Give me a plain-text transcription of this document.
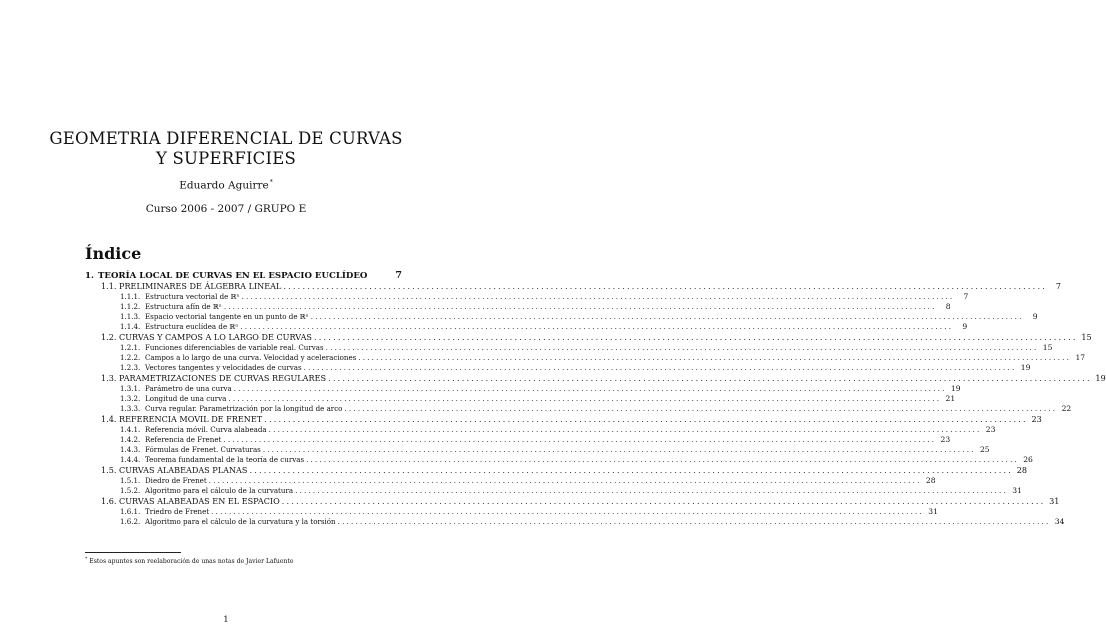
GEOMETRIA DIFERENCIAL DE CURVAS
Y SUPERFICIES
Eduardo Aguirre*
Curso 2006 - 2007 / GRUPO E
Índice
1. TEORÍA LOCAL DE CURVAS EN EL ESPACIO EUCLÍDEO	7
1.1. PRELIMINARES DE ÁLGEBRA LINEAL ................................................................................................................................................................	7
1.1.1. Estructura vectorial de ℝⁿ ................................................................................................................................................................	7
1.1.2. Estructura afín de ℝⁿ ................................................................................................................................................................	8
1.1.3. Espacio vectorial tangente en un punto de ℝⁿ ................................................................................................................................................................	9
1.1.4. Estructura euclídea de ℝⁿ ................................................................................................................................................................	9
1.2. CURVAS Y CAMPOS A LO LARGO DE CURVAS ................................................................................................................................................................ 15
1.2.1. Funciones diferenciables de variable real. Curvas ................................................................................................................................................................ 15
1.2.2. Campos a lo largo de una curva. Velocidad y aceleraciones ................................................................................................................................................................ 17
1.2.3. Vectores tangentes y velocidades de curvas ................................................................................................................................................................ 19
1.3. PARAMETRIZACIONES DE CURVAS REGULARES ................................................................................................................................................................ 19
1.3.1. Parámetro de una curva ................................................................................................................................................................ 19
1.3.2. Longitud de una curva ................................................................................................................................................................ 21
1.3.3. Curva regular. Parametrización por la longitud de arco ................................................................................................................................................................ 22
1.4. REFERENCIA MOVIL DE FRENET ................................................................................................................................................................ 23
1.4.1. Referencia móvil. Curva alabeada ................................................................................................................................................................ 23
1.4.2. Referencia de Frenet ................................................................................................................................................................ 23
1.4.3. Fórmulas de Frenet. Curvaturas ................................................................................................................................................................ 25
1.4.4. Teorema fundamental de la teoría de curvas ................................................................................................................................................................ 26
1.5. CURVAS ALABEADAS PLANAS ................................................................................................................................................................ 28
1.5.1. Diedro de Frenet ................................................................................................................................................................ 28
1.5.2. Algoritmo para el cálculo de la curvatura ................................................................................................................................................................ 31
1.6. CURVAS ALABEADAS EN EL ESPACIO ................................................................................................................................................................ 31
1.6.1. Triedro de Frenet ................................................................................................................................................................ 31
1.6.2. Algoritmo para el cálculo de la curvatura y la torsión ................................................................................................................................................................ 34
* Estos apuntes son reelaboración de unas notas de Javier Lafuente
1
